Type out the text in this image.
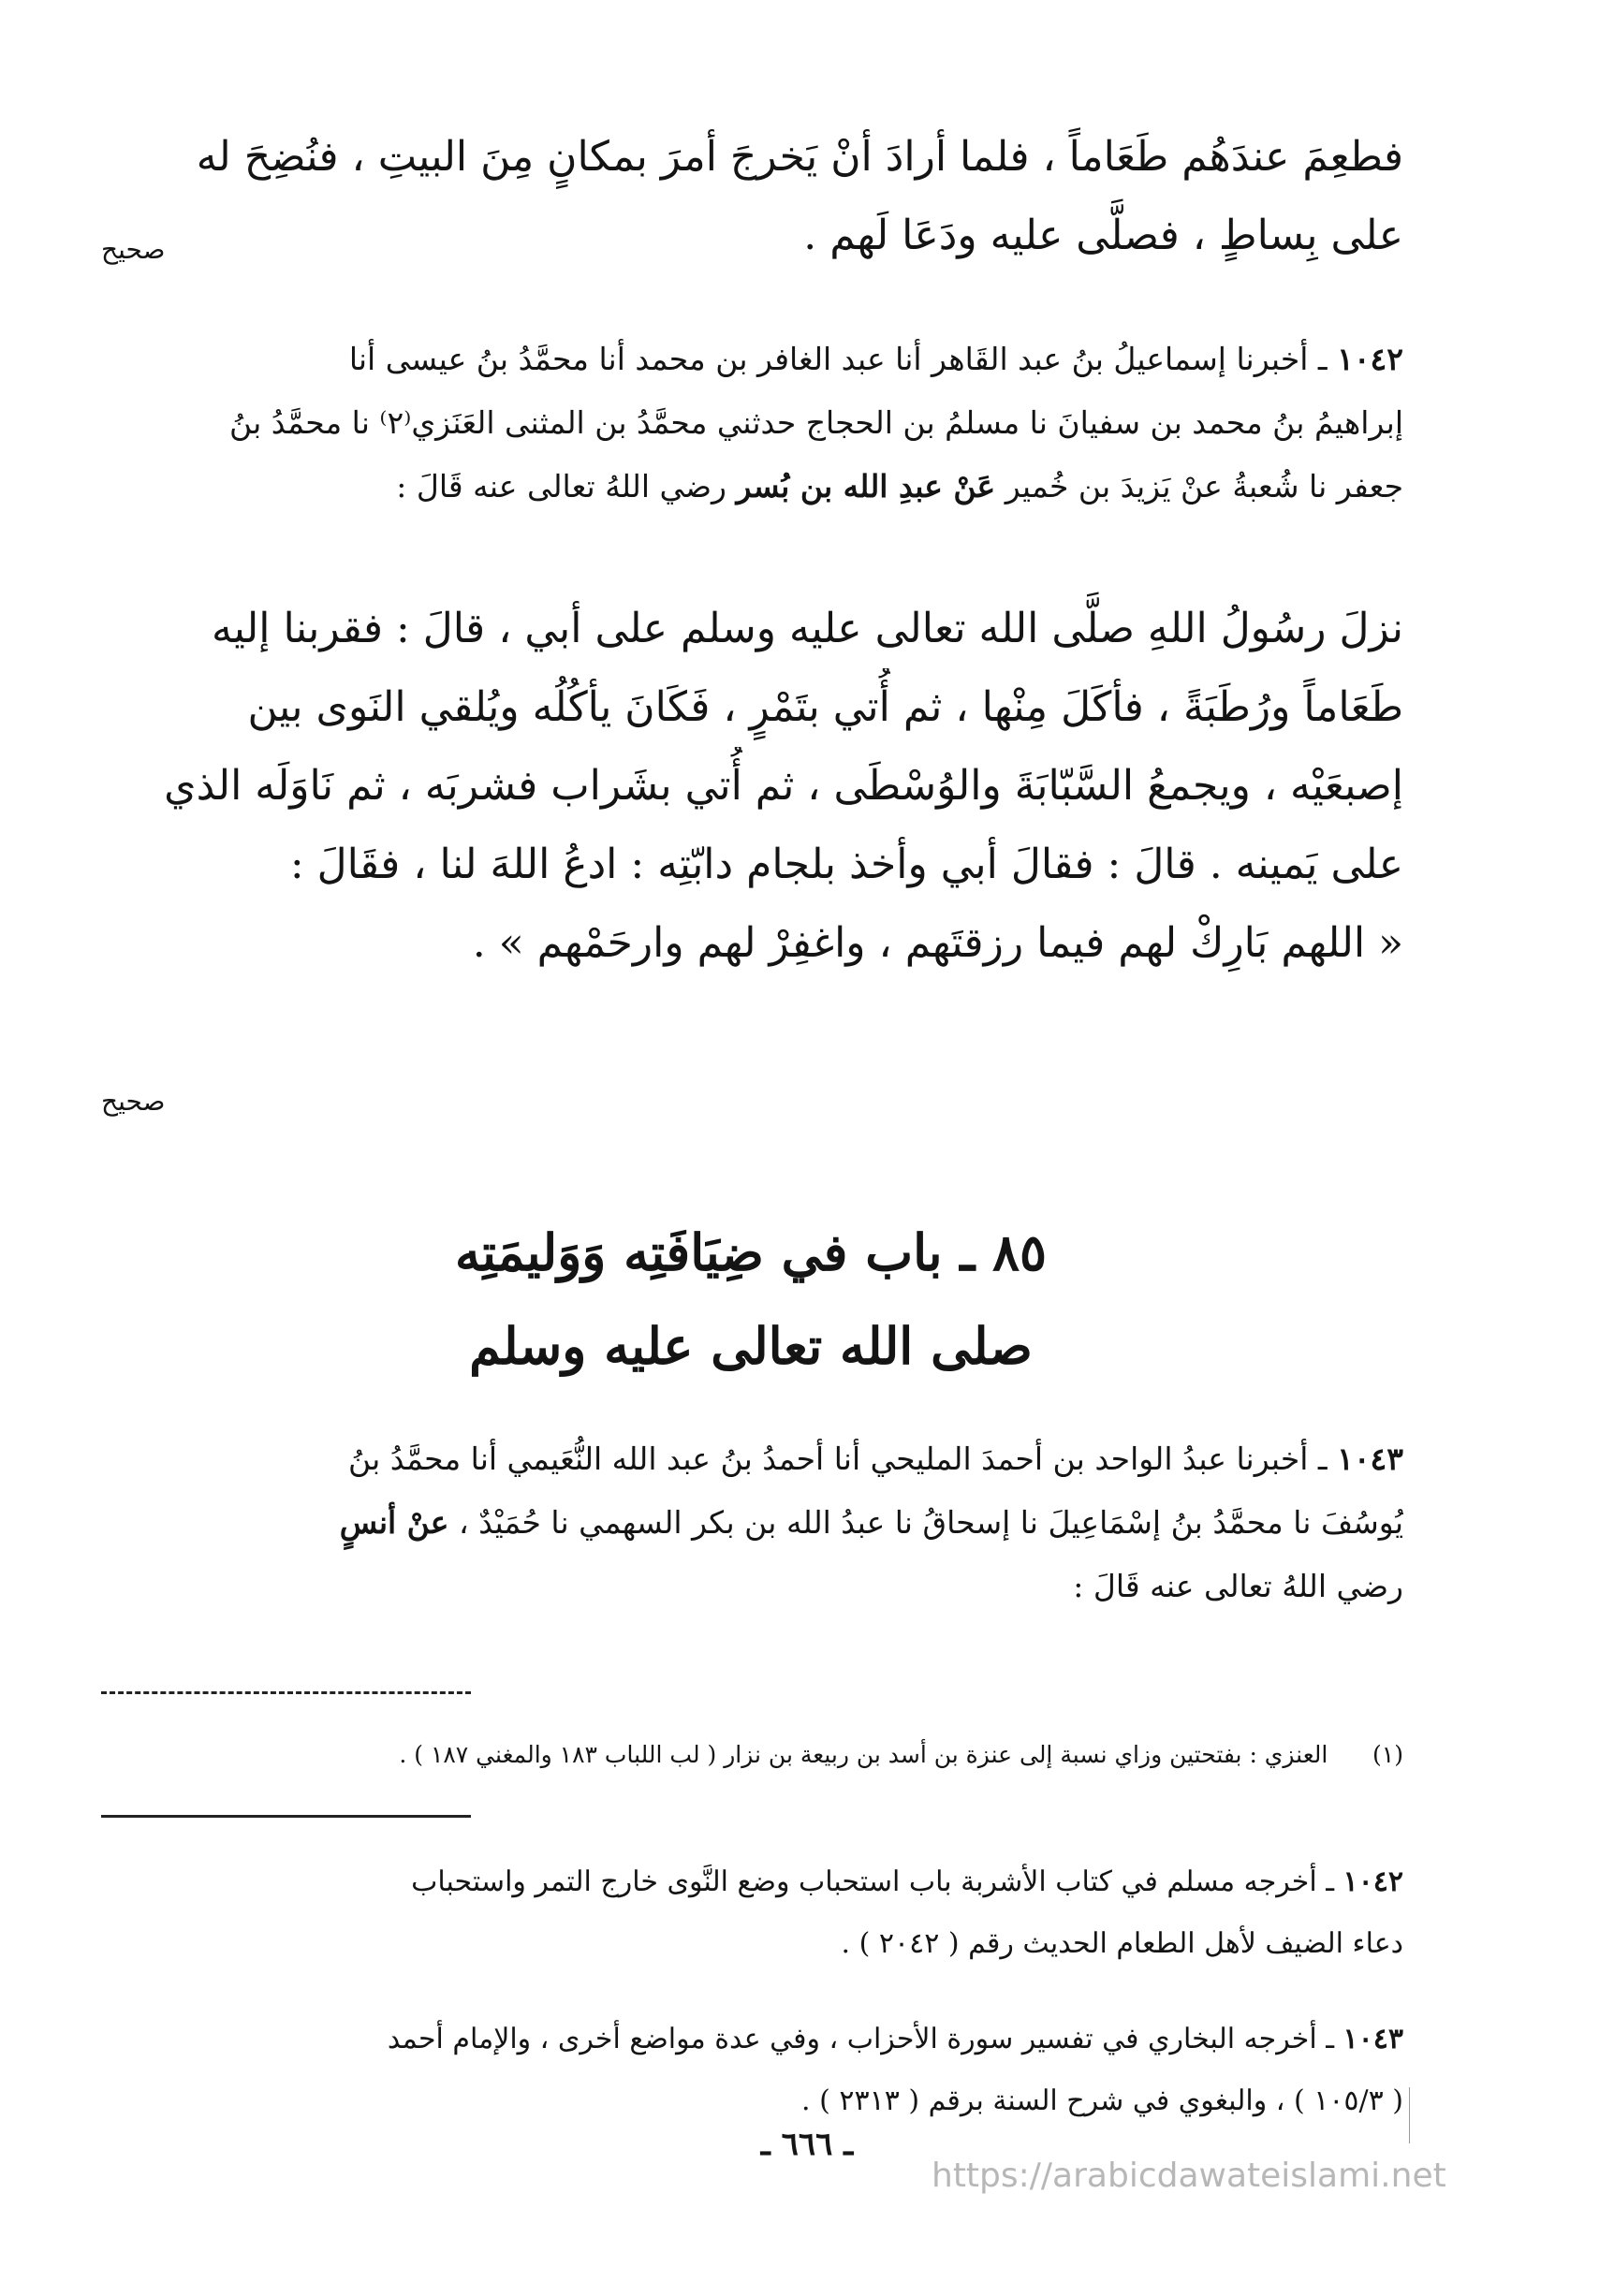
فطعِمَ عندَهُم طَعَاماً ، فلما أرادَ أنْ يَخرجَ أمرَ بمكانٍ مِنَ البيتِ ، فنُضِحَ له
على بِساطٍ ، فصلَّى عليه ودَعَا لَهم .
صحيح
١٠٤٢ ـ أخبرنا إسماعيلُ بنُ عبد القَاهر أنا عبد الغافر بن محمد أنا محمَّدُ بنُ عيسى أنا
إبراهيمُ بنُ محمد بن سفيانَ نا مسلمُ بن الحجاج حدثني محمَّدُ بن المثنى العَنَزي⁽٢⁾ نا محمَّدُ بنُ
جعفر نا شُعبةُ عنْ يَزيدَ بن خُمير عَنْ عبدِ الله بن بُسر رضي اللهُ تعالى عنه قَالَ :
نزلَ رسُولُ اللهِ صلَّى الله تعالى عليه وسلم على أبي ، قالَ : فقربنا إليه
طَعَاماً ورُطَبَةً ، فأكَلَ مِنْها ، ثم أُتي بتَمْرٍ ، فَكَانَ يأكُلُه ويُلقي النَوى بين
إصبعَيْه ، ويجمعُ السَّبّابَةَ والوُسْطَى ، ثم أُتي بشَراب فشربَه ، ثم نَاوَلَه الذي
على يَمينه . قالَ : فقالَ أبي وأخذ بلجام دابّتِه : ادعُ اللهَ لنا ، فقَالَ :
« اللهم بَارِكْ لهم فيما رزقتَهم ، واغفِرْ لهم وارحَمْهم » .
صحيح
٨٥ ـ باب في ضِيَافَتِه وَوَليمَتِه
صلى الله تعالى عليه وسلم
١٠٤٣ ـ أخبرنا عبدُ الواحد بن أحمدَ المليحي أنا أحمدُ بنُ عبد الله النُّعَيمي أنا محمَّدُ بنُ
يُوسُفَ نا محمَّدُ بنُ إسْمَاعِيلَ نا إسحاقُ نا عبدُ الله بن بكر السهمي نا حُمَيْدٌ ، عنْ أنسٍ
رضي اللهُ تعالى عنه قَالَ :
(١)      العنزي : بفتحتين وزاي نسبة إلى عنزة بن أسد بن ربيعة بن نزار ( لب اللباب ١٨٣ والمغني ١٨٧ ) .
١٠٤٢ ـ أخرجه مسلم في كتاب الأشربة باب استحباب وضع النَّوى خارج التمر واستحباب
دعاء الضيف لأهل الطعام الحديث رقم ( ٢٠٤٢ ) .
١٠٤٣ ـ أخرجه البخاري في تفسير سورة الأحزاب ، وفي عدة مواضع أخرى ، والإمام أحمد
( ١٠٥/٣ ) ، والبغوي في شرح السنة برقم ( ٢٣١٣ ) .
ـ ٦٦٦ ـ
https://arabicdawateislami.net
